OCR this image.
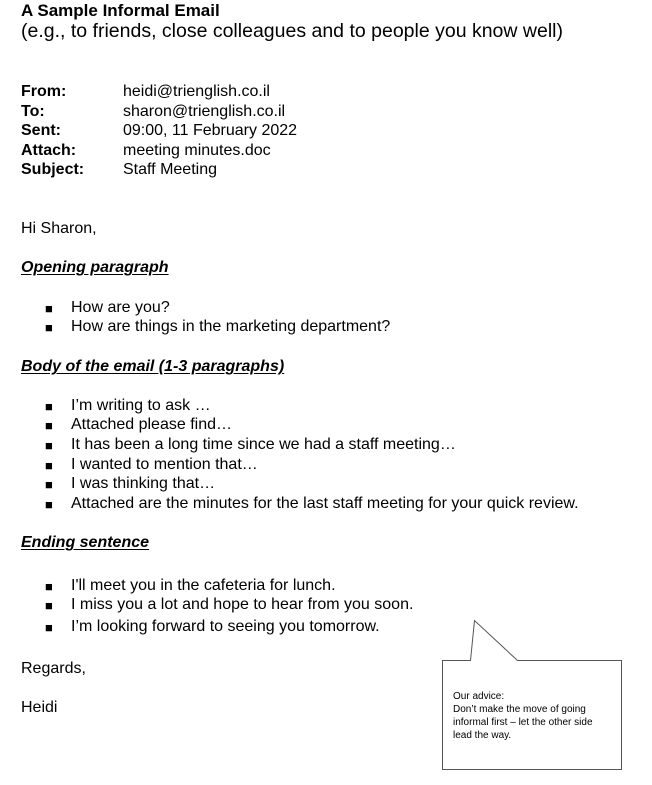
A Sample Informal Email
(e.g., to friends, close colleagues and to people you know well)
From:	heidi@trienglish.co.il
To:	sharon@trienglish.co.il
Sent:	09:00, 11 February 2022
Attach:	meeting minutes.doc
Subject: Staff Meeting
Hi Sharon,
Opening paragraph
■ How are you?
■ How are things in the marketing department?
Body of the email (1-3 paragraphs)
■ I’m writing to ask …
■ Attached please find…
■ It has been a long time since we had a staff meeting…
■ I wanted to mention that…
■ I was thinking that…
■ Attached are the minutes for the last staff meeting for your quick review.
Ending sentence
■ I'll meet you in the cafeteria for lunch.
■ I miss you a lot and hope to hear from you soon.
■ I’m looking forward to seeing you tomorrow.
Regards,
Heidi
Our advice:
Don’t make the move of going
informal first – let the other side
lead the way.
